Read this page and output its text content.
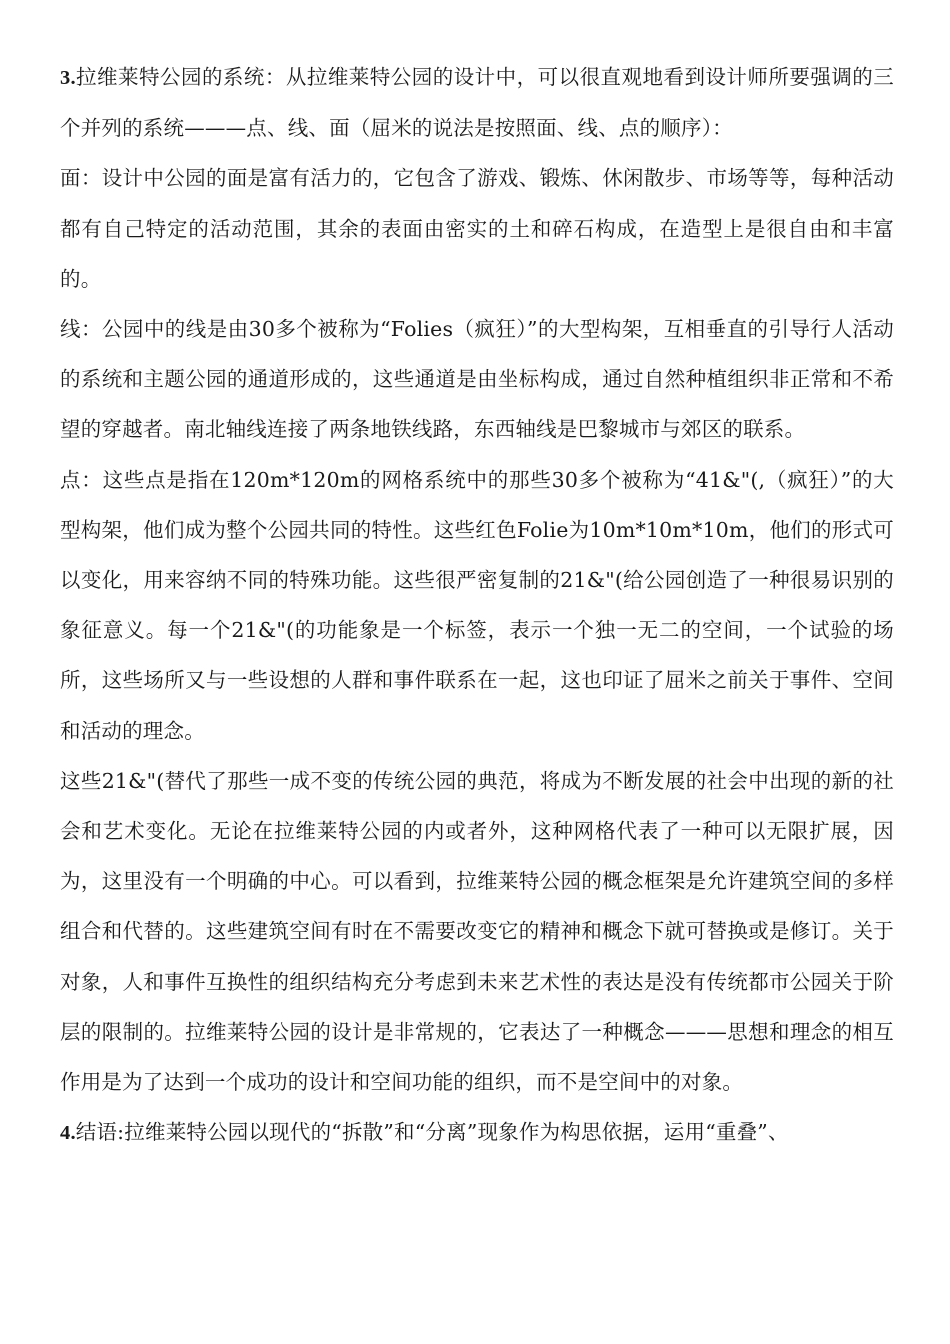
3.拉维莱特公园的系统：从拉维莱特公园的设计中，可以很直观地看到设计师所要强调的三个并列的系统———点、线、面（屈米的说法是按照面、线、点的顺序）：

面：设计中公园的面是富有活力的，它包含了游戏、锻炼、休闲散步、市场等等，每种活动都有自己特定的活动范围，其余的表面由密实的土和碎石构成，在造型上是很自由和丰富的。

线：公园中的线是由30多个被称为“Folies（疯狂）”的大型构架，互相垂直的引导行人活动的系统和主题公园的通道形成的，这些通道是由坐标构成，通过自然种植组织非正常和不希望的穿越者。南北轴线连接了两条地铁线路，东西轴线是巴黎城市与郊区的联系。

点：这些点是指在120m*120m的网格系统中的那些30多个被称为“41&"(,（疯狂）”的大型构架，他们成为整个公园共同的特性。这些红色Folie为10m*10m*10m，他们的形式可以变化，用来容纳不同的特殊功能。这些很严密复制的21&"(给公园创造了一种很易识别的象征意义。每一个21&"(的功能象是一个标签，表示一个独一无二的空间，一个试验的场所，这些场所又与一些设想的人群和事件联系在一起，这也印证了屈米之前关于事件、空间和活动的理念。

这些21&"(替代了那些一成不变的传统公园的典范，将成为不断发展的社会中出现的新的社会和艺术变化。无论在拉维莱特公园的内或者外，这种网格代表了一种可以无限扩展，因为，这里没有一个明确的中心。可以看到，拉维莱特公园的概念框架是允许建筑空间的多样组合和代替的。这些建筑空间有时在不需要改变它的精神和概念下就可替换或是修订。关于对象，人和事件互换性的组织结构充分考虑到未来艺术性的表达是没有传统都市公园关于阶层的限制的。拉维莱特公园的设计是非常规的，它表达了一种概念———思想和理念的相互作用是为了达到一个成功的设计和空间功能的组织，而不是空间中的对象。

4.结语:拉维莱特公园以现代的“拆散”和“分离”现象作为构思依据，运用“重叠”、
